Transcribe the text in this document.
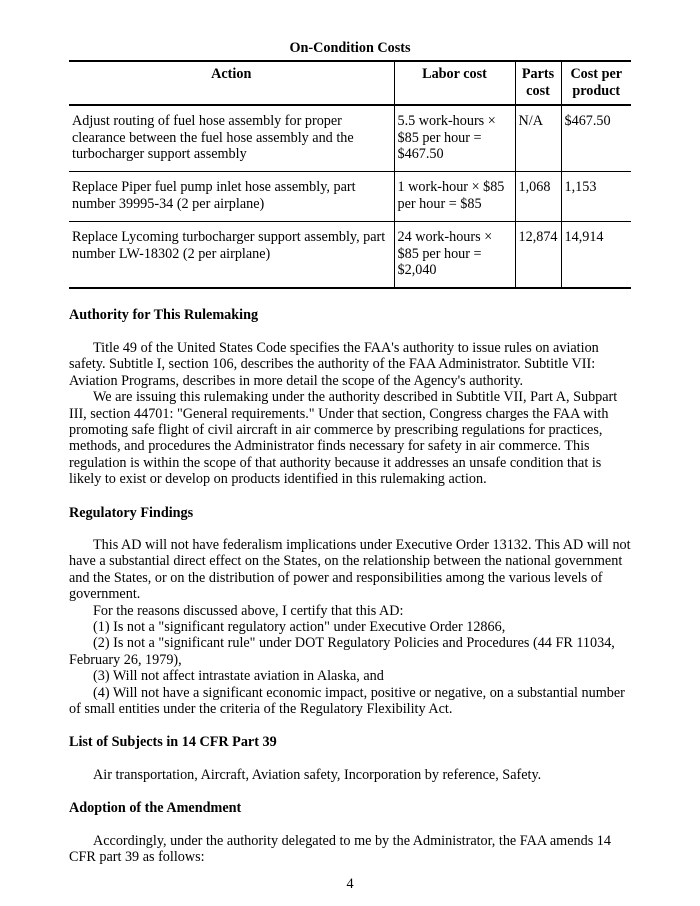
On-Condition Costs
Action	Labor cost	Parts cost	Cost per product
Adjust routing of fuel hose assembly for proper clearance between the fuel hose assembly and the turbocharger support assembly	5.5 work-hours × $85 per hour = $467.50	N/A	$467.50
Replace Piper fuel pump inlet hose assembly, part number 39995-34 (2 per airplane)	1 work-hour × $85 per hour = $85	1,068	1,153
Replace Lycoming turbocharger support assembly, part number LW-18302 (2 per airplane)	24 work-hours × $85 per hour = $2,040	12,874	14,914
Authority for This Rulemaking

Title 49 of the United States Code specifies the FAA's authority to issue rules on aviation safety. Subtitle I, section 106, describes the authority of the FAA Administrator. Subtitle VII: Aviation Programs, describes in more detail the scope of the Agency's authority.

We are issuing this rulemaking under the authority described in Subtitle VII, Part A, Subpart III, section 44701: "General requirements." Under that section, Congress charges the FAA with promoting safe flight of civil aircraft in air commerce by prescribing regulations for practices, methods, and procedures the Administrator finds necessary for safety in air commerce. This regulation is within the scope of that authority because it addresses an unsafe condition that is likely to exist or develop on products identified in this rulemaking action.

Regulatory Findings

This AD will not have federalism implications under Executive Order 13132. This AD will not have a substantial direct effect on the States, on the relationship between the national government and the States, or on the distribution of power and responsibilities among the various levels of government.

For the reasons discussed above, I certify that this AD:

(1) Is not a "significant regulatory action" under Executive Order 12866,

(2) Is not a "significant rule" under DOT Regulatory Policies and Procedures (44 FR 11034, February 26, 1979),

(3) Will not affect intrastate aviation in Alaska, and

(4) Will not have a significant economic impact, positive or negative, on a substantial number of small entities under the criteria of the Regulatory Flexibility Act.

List of Subjects in 14 CFR Part 39

Air transportation, Aircraft, Aviation safety, Incorporation by reference, Safety.

Adoption of the Amendment

Accordingly, under the authority delegated to me by the Administrator, the FAA amends 14 CFR part 39 as follows:

4
